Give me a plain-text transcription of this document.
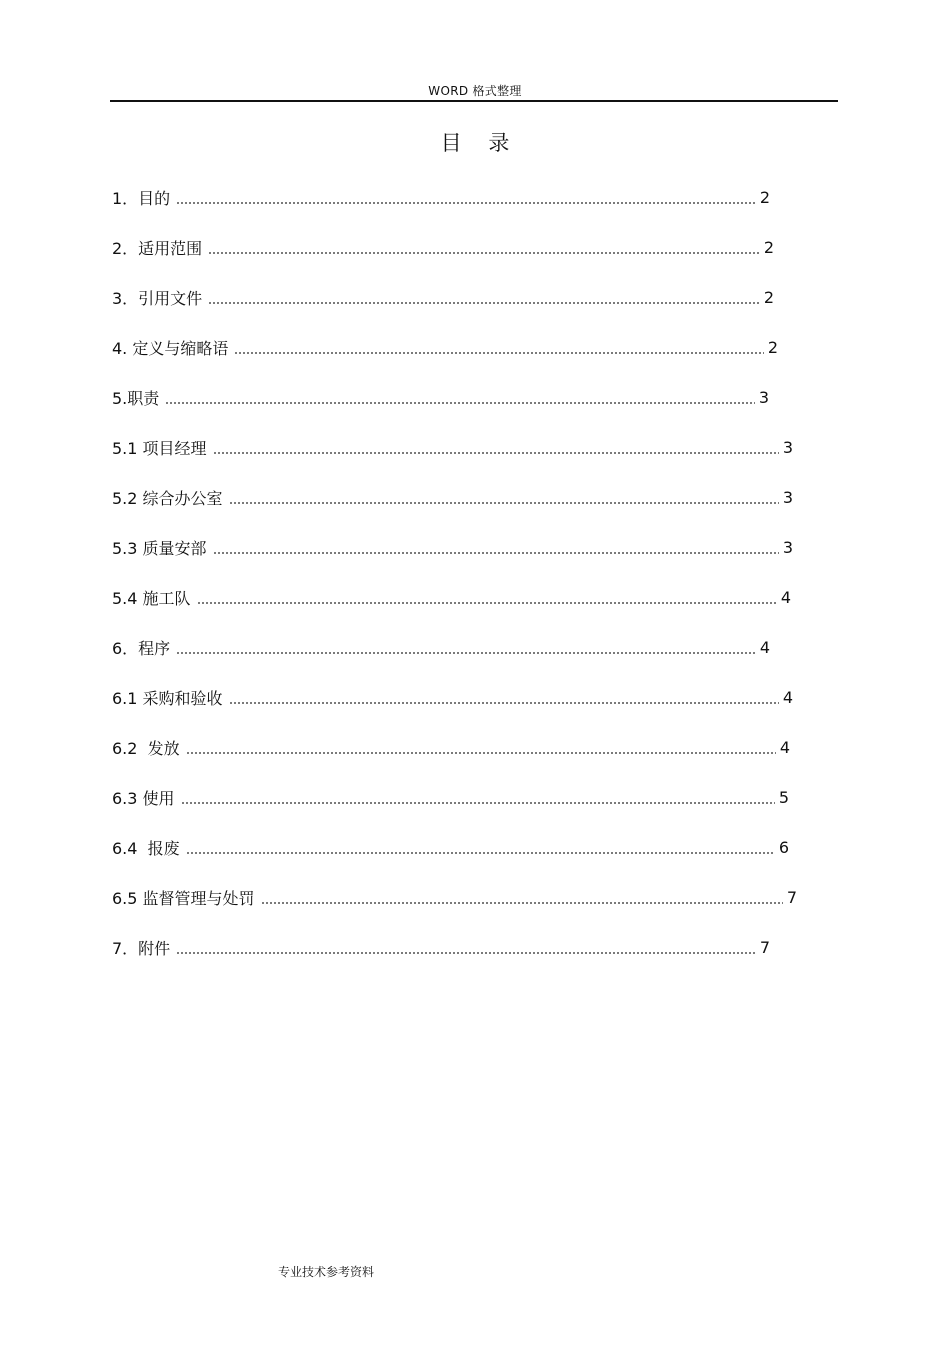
WORD 格式整理
目    录
1．目的	2
2．适用范围	2
3．引用文件	2
4. 定义与缩略语	2
5.职责	3
5.1 项目经理	3
5.2 综合办公室	3
5.3 质量安部	3
5.4 施工队	4
6．程序	4
6.1 采购和验收	4
6.2  发放	4
6.3 使用	5
6.4  报废	6
6.5 监督管理与处罚	7
7．附件	7
专业技术参考资料
